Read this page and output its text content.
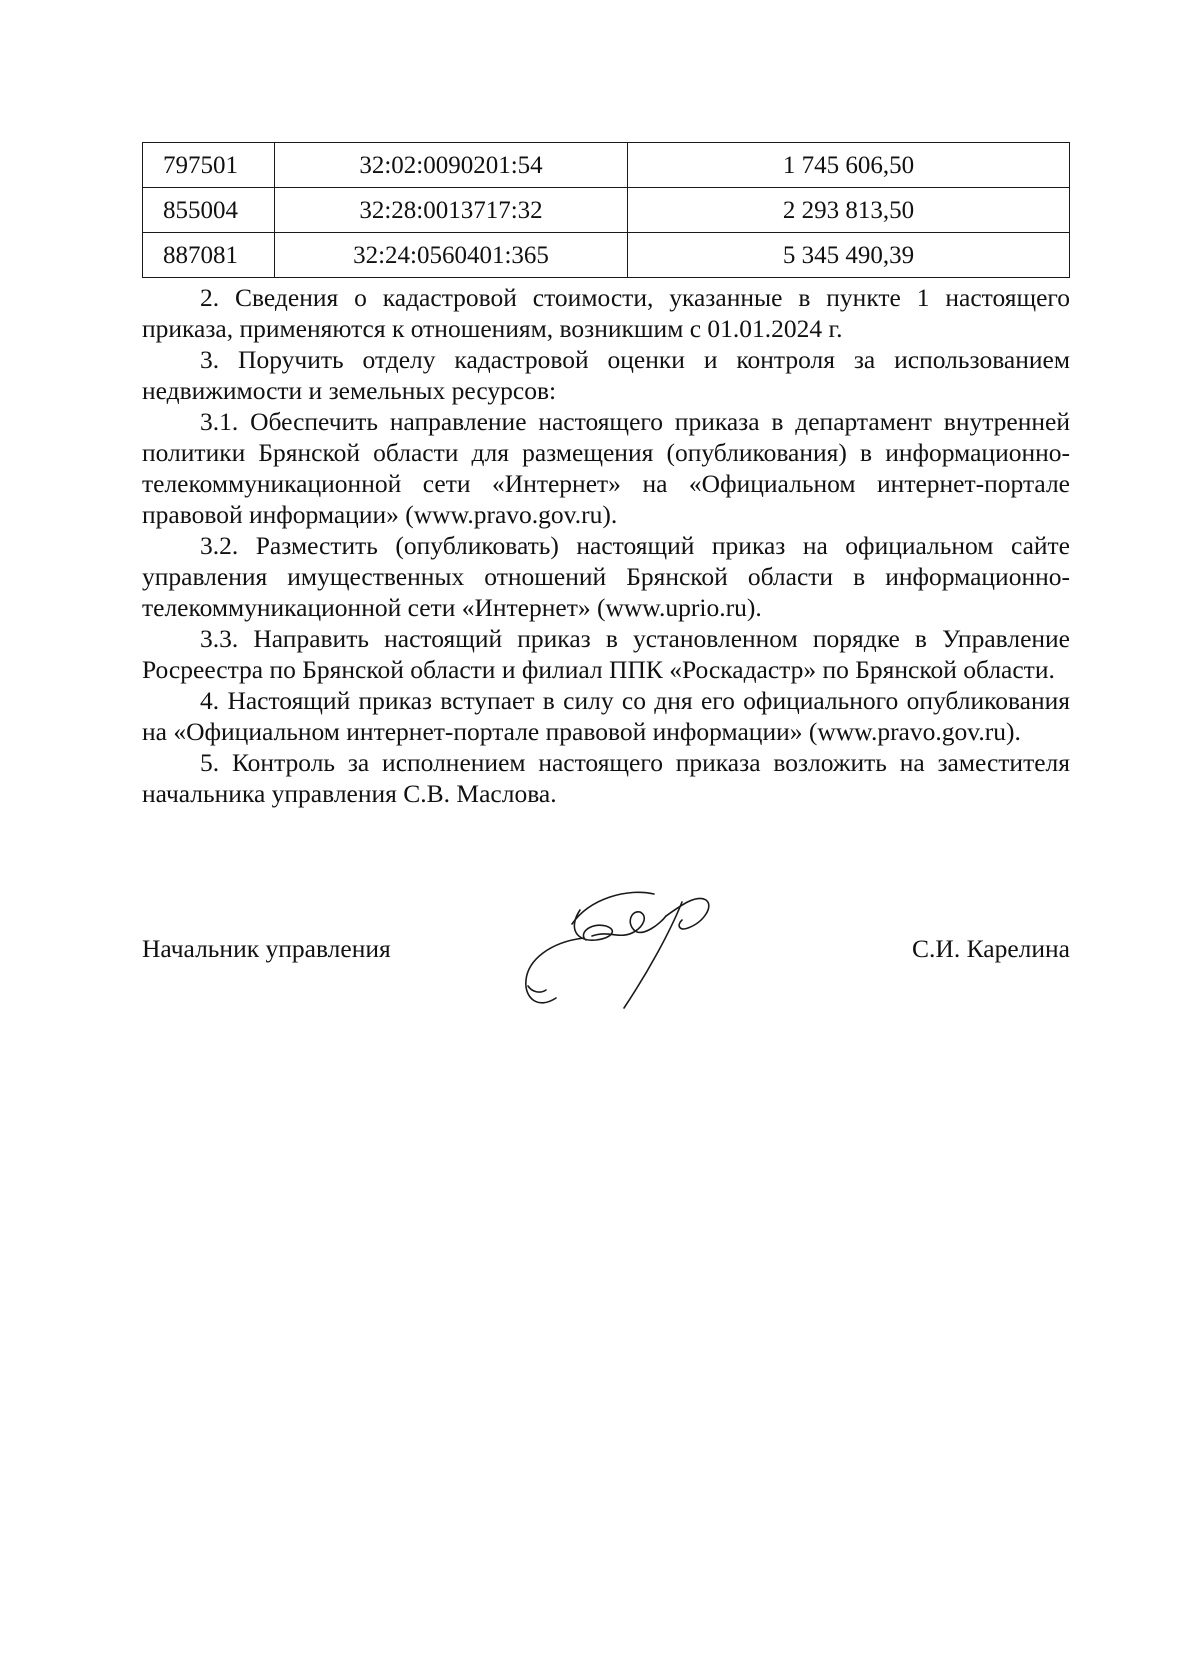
797501	32:02:0090201:54	1 745 606,50
855004	32:28:0013717:32	2 293 813,50
887081	32:24:0560401:365	5 345 490,39

2. Сведения о кадастровой стоимости, указанные в пункте 1 настоящего приказа, применяются к отношениям, возникшим с 01.01.2024 г.

3. Поручить отделу кадастровой оценки и контроля за использованием недвижимости и земельных ресурсов:

3.1. Обеспечить направление настоящего приказа в департамент внутренней политики Брянской области для размещения (опубликования) в информационно-телекоммуникационной сети «Интернет» на «Официальном интернет-портале правовой информации» (www.pravo.gov.ru).

3.2. Разместить (опубликовать) настоящий приказ на официальном сайте управления имущественных отношений Брянской области в информационно-телекоммуникационной сети «Интернет» (www.uprio.ru).

3.3. Направить настоящий приказ в установленном порядке в Управление Росреестра по Брянской области и филиал ППК «Роскадастр» по Брянской области.

4. Настоящий приказ вступает в силу со дня его официального опубликования на «Официальном интернет-портале правовой информации» (www.pravo.gov.ru).

5. Контроль за исполнением настоящего приказа возложить на заместителя начальника управления С.В. Маслова.

Начальник управления	С.И. Карелина
